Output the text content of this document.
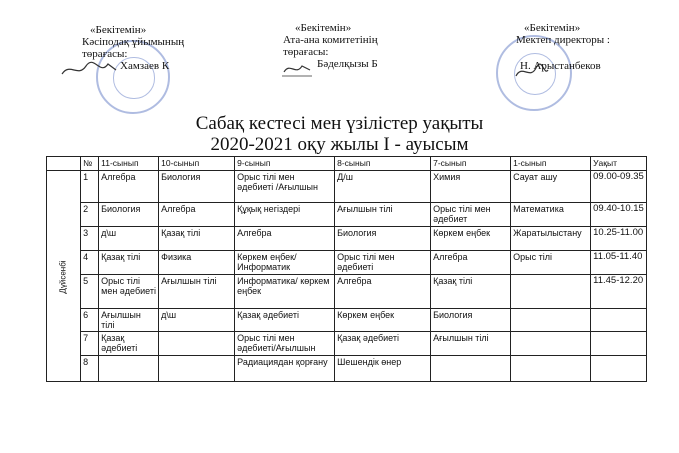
«Бекітемін»
Кәсіподақ ұйымының
төрағасы:
Хамзаев К
«Бекітемін»
Ата-ана комитетінің
төрағасы:
Бәделқызы Б
«Бекітемін»
Мектеп директоры :
Н. Арыстанбеков
Сабақ кестесі мен үзілістер уақыты
2020-2021 оқу жылы I - ауысым
	№	11-сынып	10-сынып	9-сынып	8-сынып	7-сынып	1-сынып	Уақыт
Дүйсенбі	1	Алгебра	Биология	Орыс тілі мен әдебиеті /Ағылшын	Д/ш	Химия	Сауат ашу	09.00-09.35
	2	Биология	Алгебра	Құқық негіздері	Ағылшын тілі	Орыс тілі мен әдебиет	Математика	09.40-10.15
	3	д\ш	Қазақ тілі	Алгебра	Биология	Көркем еңбек	Жаратылыстану	10.25-11.00
	4	Қазақ тілі	Физика	Көркем еңбек/Информатик	Орыс тілі мен әдебиеті	Алгебра	Орыс тілі	11.05-11.40
	5	Орыс тілі мен әдебиеті	Ағылшын тілі	Информатика/ көркем еңбек	Алгебра	Қазақ тілі		11.45-12.20
	6	Ағылшын тілі	д\ш	Қазақ әдебиеті	Көркем еңбек	Биология		
	7	Қазақ әдебиеті		Орыс тілі мен әдебиеті/Ағылшын	Қазақ әдебиеті	Ағылшын тілі		
	8			Радиациядан қорғану	Шешендік өнер			
